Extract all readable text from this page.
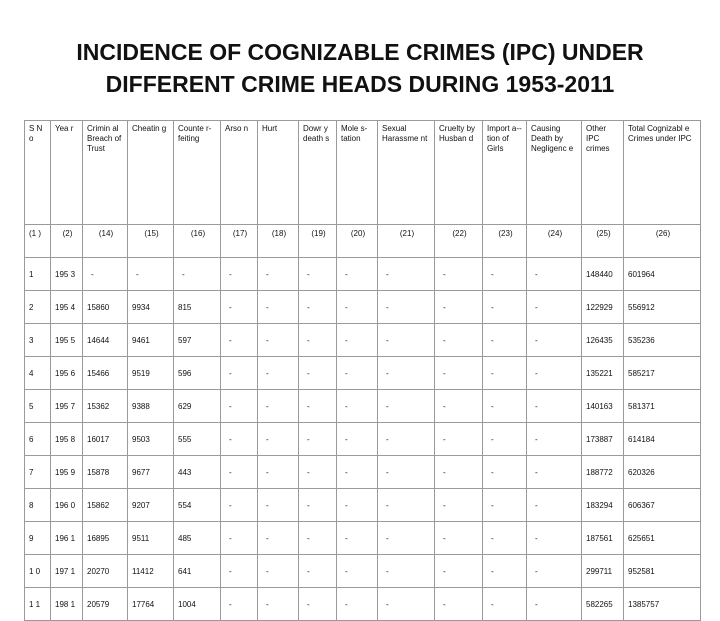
INCIDENCE OF COGNIZABLE CRIMES (IPC) UNDER
DIFFERENT CRIME HEADS DURING 1953-2011
S N o	Yea r	Crimin al Breach of Trust	Cheatin g	Counte r-feiting	Arso n	Hurt	Dowr y death s	Mole s-tation	Sexual Harassme nt	Cruelty by Husban d	Import a--tion of Girls	Causing Death by Negligenc e	Other IPC crimes	Total Cognizabl e Crimes under IPC
(1 )	(2)	(14)	(15)	(16)	(17)	(18)	(19)	(20)	(21)	(22)	(23)	(24)	(25)	(26)
1	195 3	-	-	-	-	-	-	-	-	-	-	-	148440	601964
2	195 4	15860	9934	815	-	-	-	-	-	-	-	-	122929	556912
3	195 5	14644	9461	597	-	-	-	-	-	-	-	-	126435	535236
4	195 6	15466	9519	596	-	-	-	-	-	-	-	-	135221	585217
5	195 7	15362	9388	629	-	-	-	-	-	-	-	-	140163	581371
6	195 8	16017	9503	555	-	-	-	-	-	-	-	-	173887	614184
7	195 9	15878	9677	443	-	-	-	-	-	-	-	-	188772	620326
8	196 0	15862	9207	554	-	-	-	-	-	-	-	-	183294	606367
9	196 1	16895	9511	485	-	-	-	-	-	-	-	-	187561	625651
1 0	197 1	20270	11412	641	-	-	-	-	-	-	-	-	299711	952581
1 1	198 1	20579	17764	1004	-	-	-	-	-	-	-	-	582265	1385757
